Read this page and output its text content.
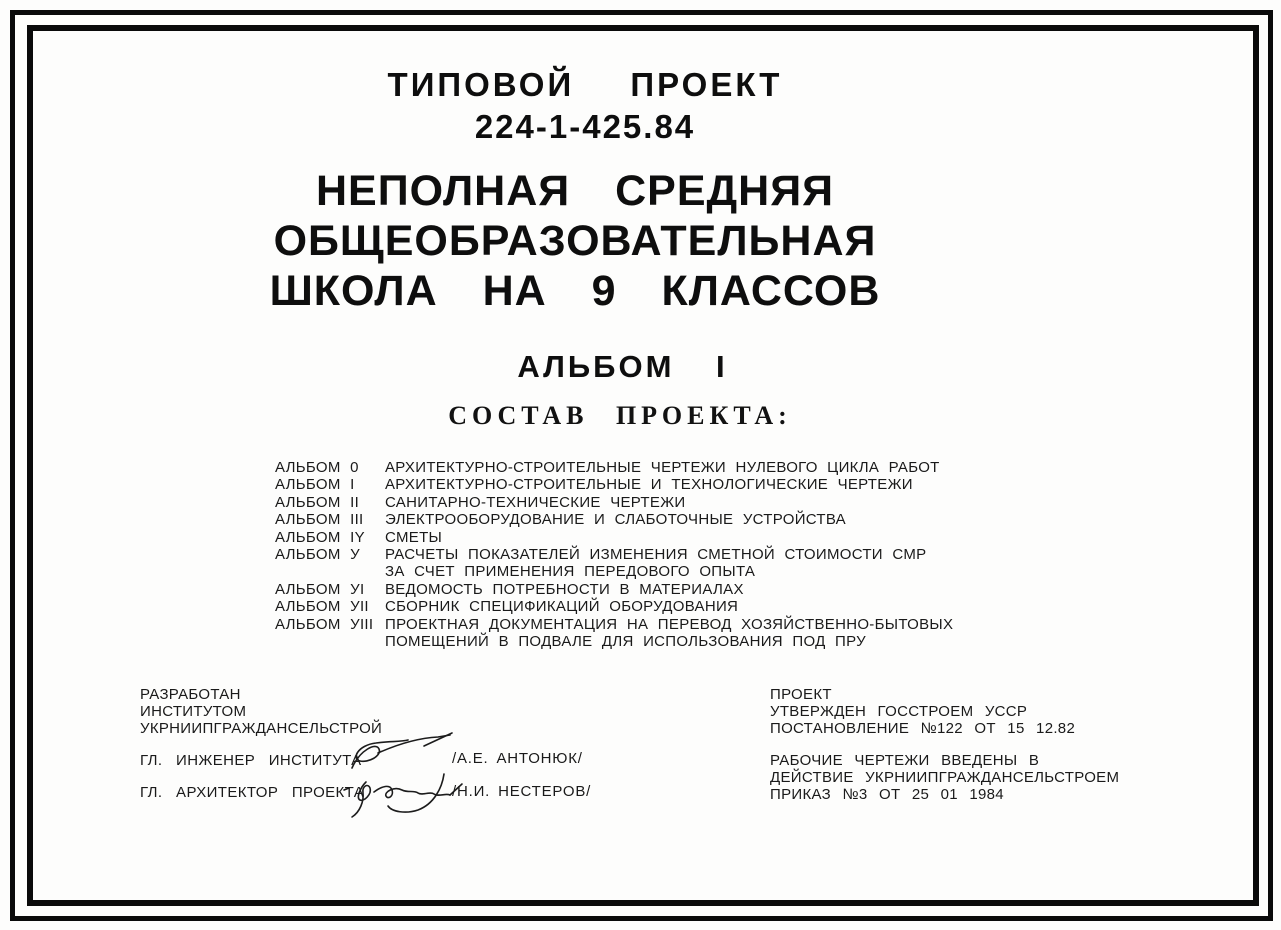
ТИПОВОЙ ПРОЕКТ
224-1-425.84
НЕПОЛНАЯ СРЕДНЯЯ
ОБЩЕОБРАЗОВАТЕЛЬНАЯ
ШКОЛА НА 9 КЛАССОВ
АЛЬБОМ I
СОСТАВ ПРОЕКТА:
АЛЬБОМ 0	АРХИТЕКТУРНО-СТРОИТЕЛЬНЫЕ ЧЕРТЕЖИ НУЛЕВОГО ЦИКЛА РАБОТ
АЛЬБОМ I	АРХИТЕКТУРНО-СТРОИТЕЛЬНЫЕ И ТЕХНОЛОГИЧЕСКИЕ ЧЕРТЕЖИ
АЛЬБОМ II	САНИТАРНО-ТЕХНИЧЕСКИЕ ЧЕРТЕЖИ
АЛЬБОМ III	ЭЛЕКТРООБОРУДОВАНИЕ И СЛАБОТОЧНЫЕ УСТРОЙСТВА
АЛЬБОМ IY	СМЕТЫ
АЛЬБОМ У	РАСЧЕТЫ ПОКАЗАТЕЛЕЙ ИЗМЕНЕНИЯ СМЕТНОЙ СТОИМОСТИ СМР
ЗА СЧЕТ ПРИМЕНЕНИЯ ПЕРЕДОВОГО ОПЫТА
АЛЬБОМ УI	ВЕДОМОСТЬ ПОТРЕБНОСТИ В МАТЕРИАЛАХ
АЛЬБОМ УII	СБОРНИК СПЕЦИФИКАЦИЙ ОБОРУДОВАНИЯ
АЛЬБОМ УIII ПРОЕКТНАЯ ДОКУМЕНТАЦИЯ НА ПЕРЕВОД ХОЗЯЙСТВЕННО-БЫТОВЫХ
ПОМЕЩЕНИЙ В ПОДВАЛЕ ДЛЯ ИСПОЛЬЗОВАНИЯ ПОД ПРУ
РАЗРАБОТАН
ИНСТИТУТОМ
УКРНИИПГРАЖДАНСЕЛЬСТРОЙ
ГЛ. ИНЖЕНЕР ИНСТИТУТА	/А.Е. АНТОНЮК/
ГЛ. АРХИТЕКТОР ПРОЕКТА	/Н.И. НЕСТЕРОВ/
ПРОЕКТ
УТВЕРЖДЕН ГОССТРОЕМ УССР
ПОСТАНОВЛЕНИЕ №122 ОТ 15 12.82
РАБОЧИЕ ЧЕРТЕЖИ ВВЕДЕНЫ В
ДЕЙСТВИЕ УКРНИИПГРАЖДАНСЕЛЬСТРОЕМ
ПРИКАЗ №3 ОТ 25 01 1984
